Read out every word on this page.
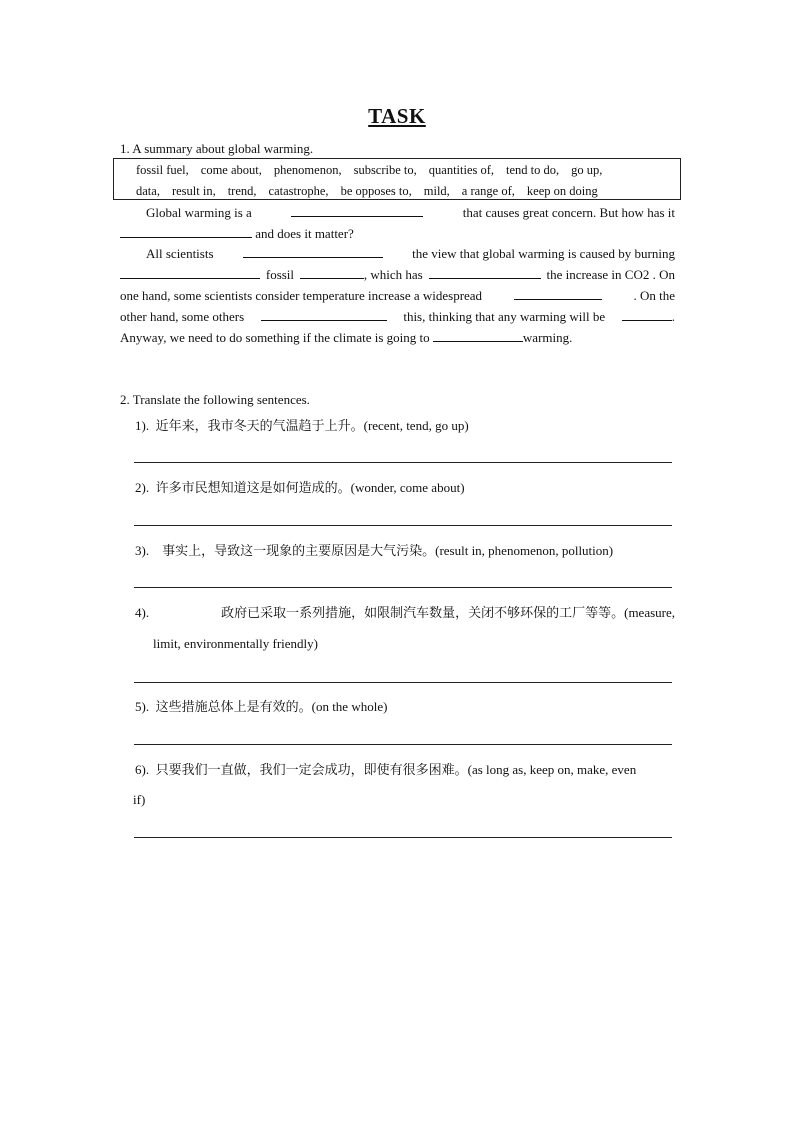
TASK
1. A summary about global warming.
fossil fuel, come about, phenomenon, subscribe to, quantities of, tend to do, go up,
data, result in, trend, catastrophe, be opposes to, mild, a range of, keep on doing
Global warming is a	that causes great concern. But how has it
and does it matter?
All scientists	the view that global warming is caused by burning
fossil	, which has	the increase in CO2 . On
one hand, some scientists consider temperature increase a widespread	. On the
other hand, some others	this, thinking that any warming will be	.
Anyway, we need to do something if the climate is going to	warming.
2. Translate the following sentences.
1). 近年来，我市冬天的气温趋于上升。(recent, tend, go up)
2). 许多市民想知道这是如何造成的。(wonder, come about)
3). 事实上，导致这一现象的主要原因是大气污染。(result in, phenomenon, pollution)
4).	政府已采取一系列措施，如限制汽车数量，关闭不够环保的工厂等等。(measure,
limit, environmentally friendly)
5). 这些措施总体上是有效的。(on the whole)
6). 只要我们一直做，我们一定会成功，即使有很多困难。(as long as, keep on, make, even
if)
